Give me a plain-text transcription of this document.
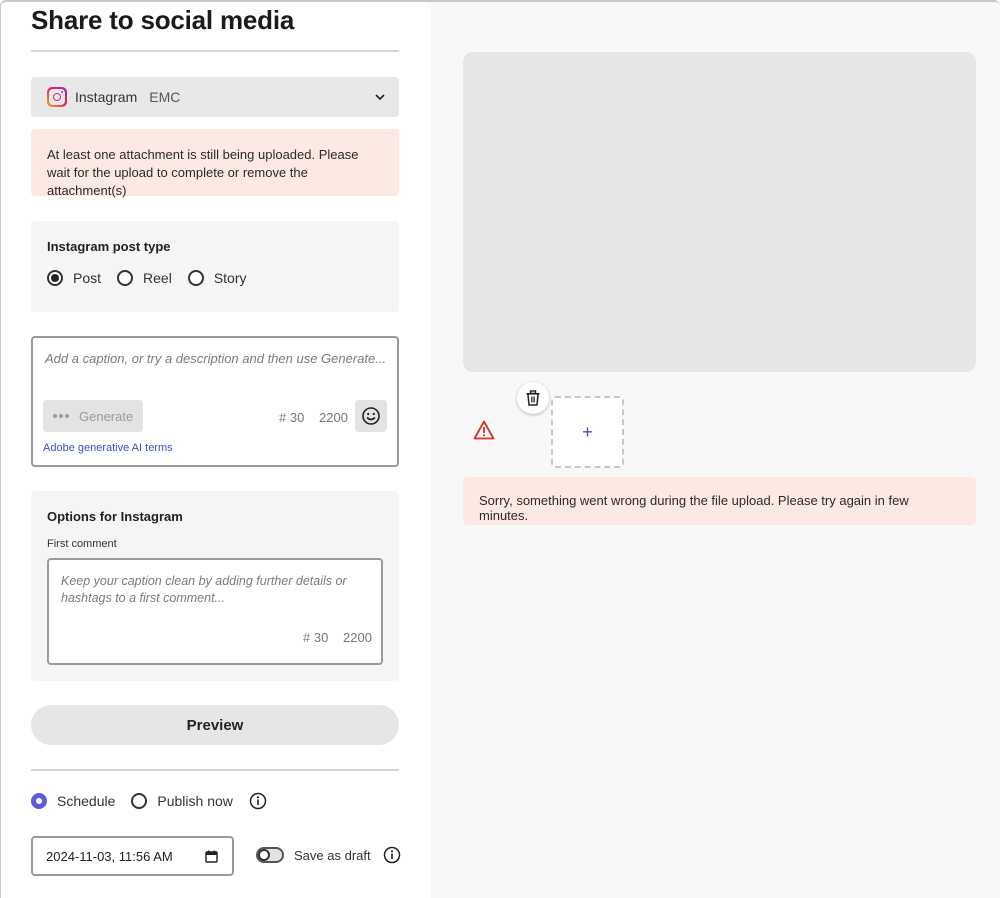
Share to social media
Instagram EMC
At least one attachment is still being uploaded. Please wait for the upload to complete or remove the attachment(s)
Instagram post type
Post	Reel	Story
Add a caption, or try a description and then use Generate...
Generate	# 30 2200
Adobe generative AI terms
Options for Instagram
First comment
Keep your caption clean by adding further details or hashtags to a first comment...
# 30 2200
Preview
Schedule	Publish now
2024-11-03, 11:56 AM	Save as draft
+
Sorry, something went wrong during the file upload. Please try again in few minutes.
